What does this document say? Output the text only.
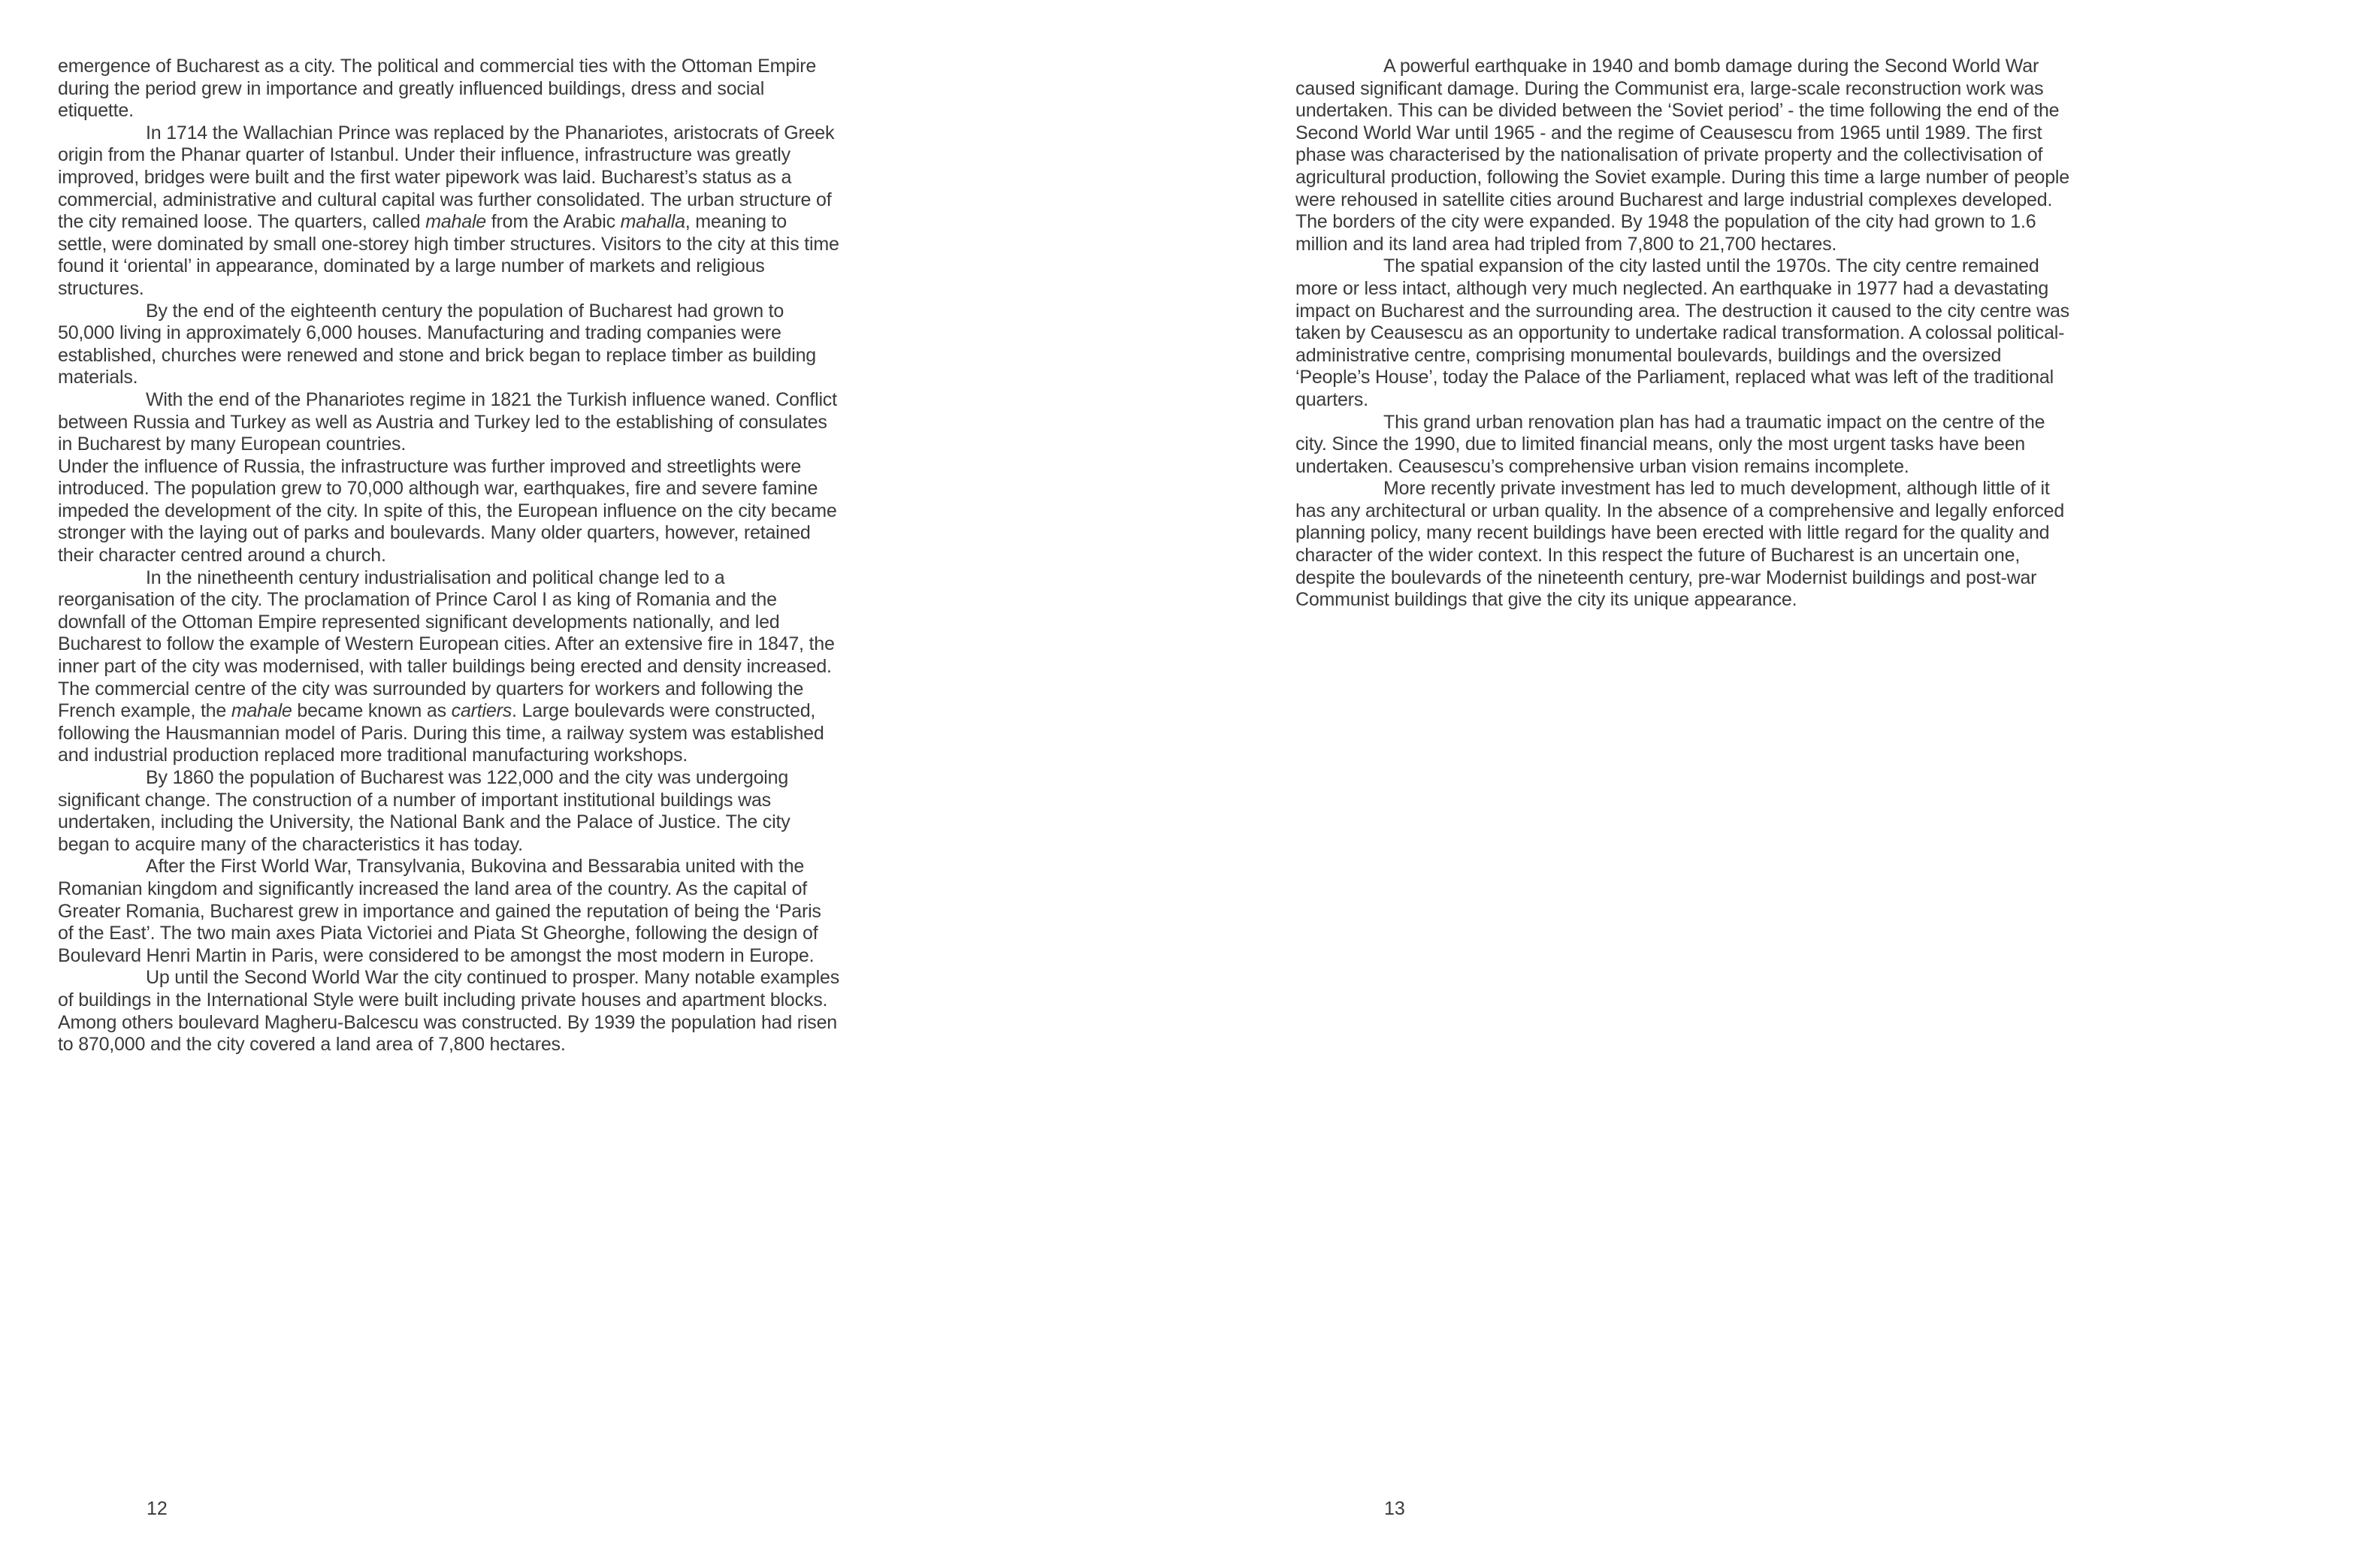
emergence of Bucharest as a city. The political and commercial ties with the Ottoman Empire during the period grew in importance and greatly influenced buildings, dress and social etiquette.

In 1714 the Wallachian Prince was replaced by the Phanariotes, aristocrats of Greek origin from the Phanar quarter of Istanbul. Under their influence, infrastructure was greatly improved, bridges were built and the first water pipework was laid. Bucharest’s status as a commercial, administrative and cultural capital was further consolidated. The urban structure of the city remained loose. The quarters, called mahale from the Arabic mahalla, meaning to settle, were dominated by small one-storey high timber structures. Visitors to the city at this time found it ‘oriental’ in appearance, dominated by a large number of markets and religious structures.

By the end of the eighteenth century the population of Bucharest had grown to 50,000 living in approximately 6,000 houses. Manufacturing and trading companies were established, churches were renewed and stone and brick began to replace timber as building materials.

With the end of the Phanariotes regime in 1821 the Turkish influence waned. Conflict between Russia and Turkey as well as Austria and Turkey led to the establishing of consulates in Bucharest by many European countries.

Under the influence of Russia, the infrastructure was further improved and streetlights were introduced. The population grew to 70,000 although war, earthquakes, fire and severe famine impeded the development of the city. In spite of this, the European influence on the city became stronger with the laying out of parks and boulevards. Many older quarters, however, retained their character centred around a church.

In the ninetheenth century industrialisation and political change led to a reorganisation of the city. The proclamation of Prince Carol I as king of Romania and the downfall of the Ottoman Empire represented significant developments nationally, and led Bucharest to follow the example of Western European cities. After an extensive fire in 1847, the inner part of the city was modernised, with taller buildings being erected and density increased. The commercial centre of the city was surrounded by quarters for workers and following the French example, the mahale became known as cartiers. Large boulevards were constructed, following the Hausmannian model of Paris. During this time, a railway system was established and industrial production replaced more traditional manufacturing workshops.

By 1860 the population of Bucharest was 122,000 and the city was undergoing significant change. The construction of a number of important institutional buildings was undertaken, including the University, the National Bank and the Palace of Justice. The city began to acquire many of the characteristics it has today.

After the First World War, Transylvania, Bukovina and Bessarabia united with the Romanian kingdom and significantly increased the land area of the country. As the capital of Greater Romania, Bucharest grew in importance and gained the reputation of being the ‘Paris of the East’. The two main axes Piata Victoriei and Piata St Gheorghe, following the design of Boulevard Henri Martin in Paris, were considered to be amongst the most modern in Europe.

Up until the Second World War the city continued to prosper. Many notable examples of buildings in the International Style were built including private houses and apartment blocks. Among others boulevard Magheru-Balcescu was constructed. By 1939 the population had risen to 870,000 and the city covered a land area of 7,800 hectares.

12

A powerful earthquake in 1940 and bomb damage during the Second World War caused significant damage. During the Communist era, large-scale reconstruction work was undertaken. This can be divided between the ‘Soviet period’ - the time following the end of the Second World War until 1965 - and the regime of Ceausescu from 1965 until 1989. The first phase was characterised by the nationalisation of private property and the collectivisation of agricultural production, following the Soviet example. During this time a large number of people were rehoused in satellite cities around Bucharest and large industrial complexes developed. The borders of the city were expanded. By 1948 the population of the city had grown to 1.6 million and its land area had tripled from 7,800 to 21,700 hectares.

The spatial expansion of the city lasted until the 1970s. The city centre remained more or less intact, although very much neglected. An earthquake in 1977 had a devastating impact on Bucharest and the surrounding area. The destruction it caused to the city centre was taken by Ceausescu as an opportunity to undertake radical transformation. A colossal political-administrative centre, comprising monumental boulevards, buildings and the oversized ‘People’s House’, today the Palace of the Parliament, replaced what was left of the traditional quarters.

This grand urban renovation plan has had a traumatic impact on the centre of the city. Since the 1990, due to limited financial means, only the most urgent tasks have been undertaken. Ceausescu’s comprehensive urban vision remains incomplete.

More recently private investment has led to much development, although little of it has any architectural or urban quality. In the absence of a comprehensive and legally enforced planning policy, many recent buildings have been erected with little regard for the quality and character of the wider context. In this respect the future of Bucharest is an uncertain one, despite the boulevards of the nineteenth century, pre-war Modernist buildings and post-war Communist buildings that give the city its unique appearance.

13
